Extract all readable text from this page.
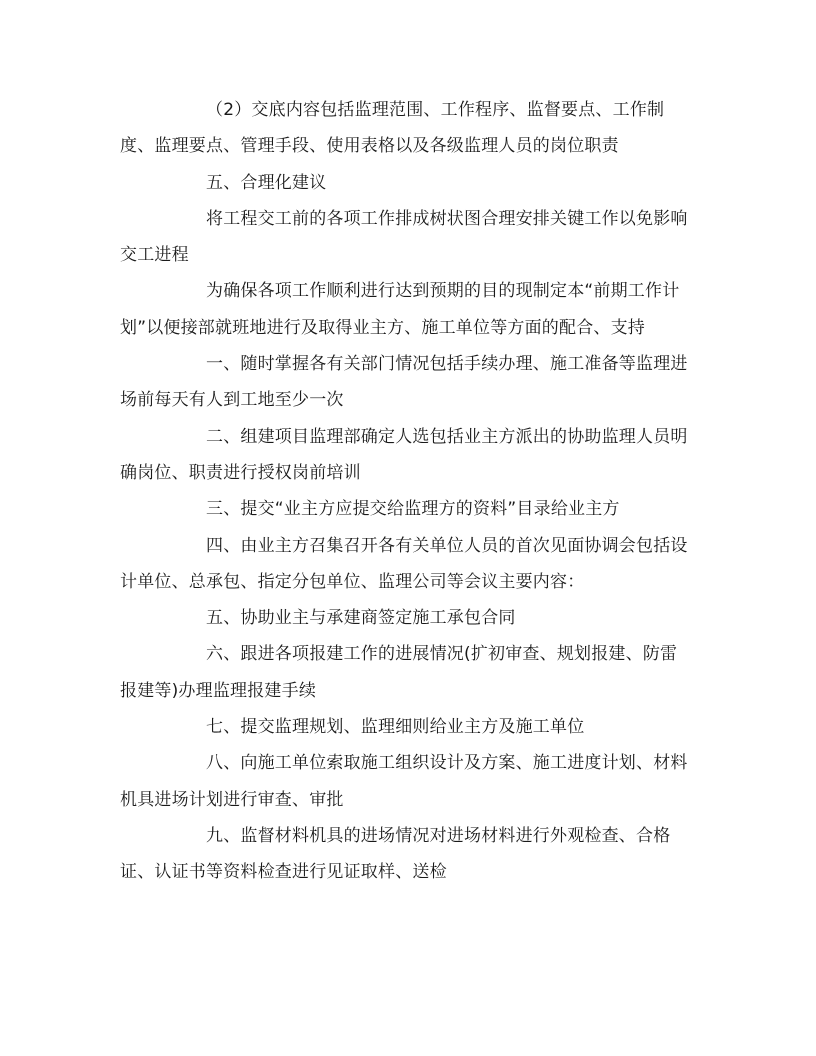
（2）交底内容包括监理范围、工作程序、监督要点、工作制度、监理要点、管理手段、使用表格以及各级监理人员的岗位职责

五、合理化建议

将工程交工前的各项工作排成树状图合理安排关键工作以免影响交工进程

为确保各项工作顺利进行达到预期的目的现制定本“前期工作计划”以便接部就班地进行及取得业主方、施工单位等方面的配合、支持

一、随时掌握各有关部门情况包括手续办理、施工准备等监理进场前每天有人到工地至少一次

二、组建项目监理部确定人选包括业主方派出的协助监理人员明确岗位、职责进行授权岗前培训

三、提交“业主方应提交给监理方的资料”目录给业主方

四、由业主方召集召开各有关单位人员的首次见面协调会包括设计单位、总承包、指定分包单位、监理公司等会议主要内容：

五、协助业主与承建商签定施工承包合同

六、跟进各项报建工作的进展情况(扩初审查、规划报建、防雷报建等)办理监理报建手续

七、提交监理规划、监理细则给业主方及施工单位

八、向施工单位索取施工组织设计及方案、施工进度计划、材料机具进场计划进行审查、审批

九、监督材料机具的进场情况对进场材料进行外观检查、合格证、认证书等资料检查进行见证取样、送检
